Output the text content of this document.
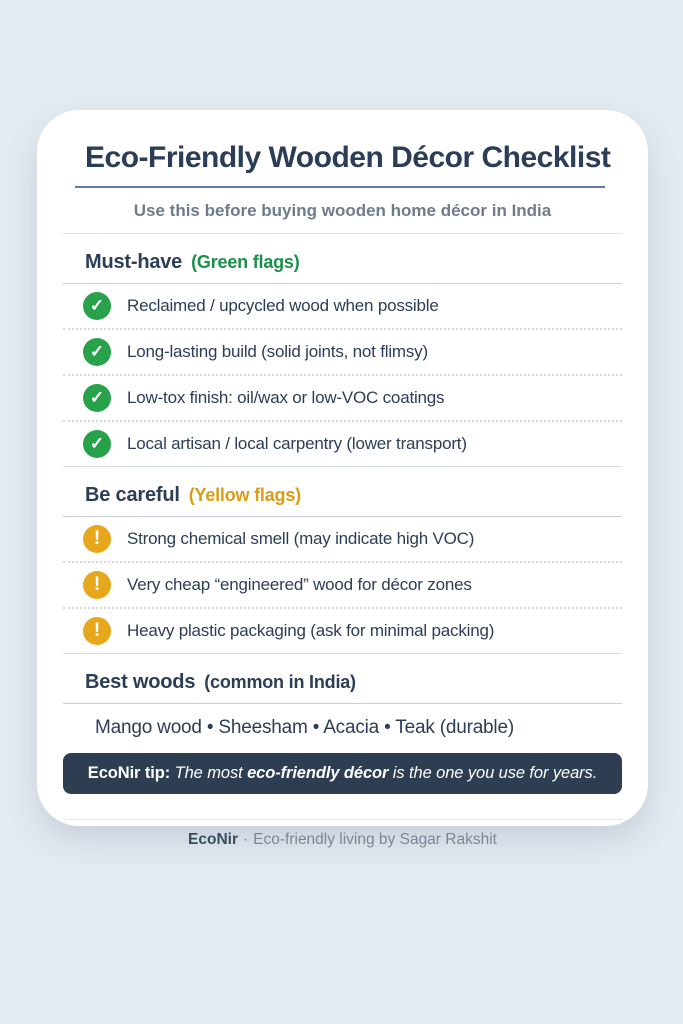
Eco-Friendly Wooden Décor Checklist
Use this before buying wooden home décor in India
Must-have (Green flags)
✓	Reclaimed / upcycled wood when possible
✓	Long-lasting build (solid joints, not flimsy)
✓	Low-tox finish: oil/wax or low-VOC coatings
✓	Local artisan / local carpentry (lower transport)
Be careful (Yellow flags)
!	Strong chemical smell (may indicate high VOC)
!	Very cheap “engineered” wood for décor zones
!	Heavy plastic packaging (ask for minimal packing)
Best woods (common in India)
Mango wood • Sheesham • Acacia • Teak (durable)
EcoNir tip: The most eco-friendly décor is the one you use for years.
EcoNir · Eco-friendly living by Sagar Rakshit
